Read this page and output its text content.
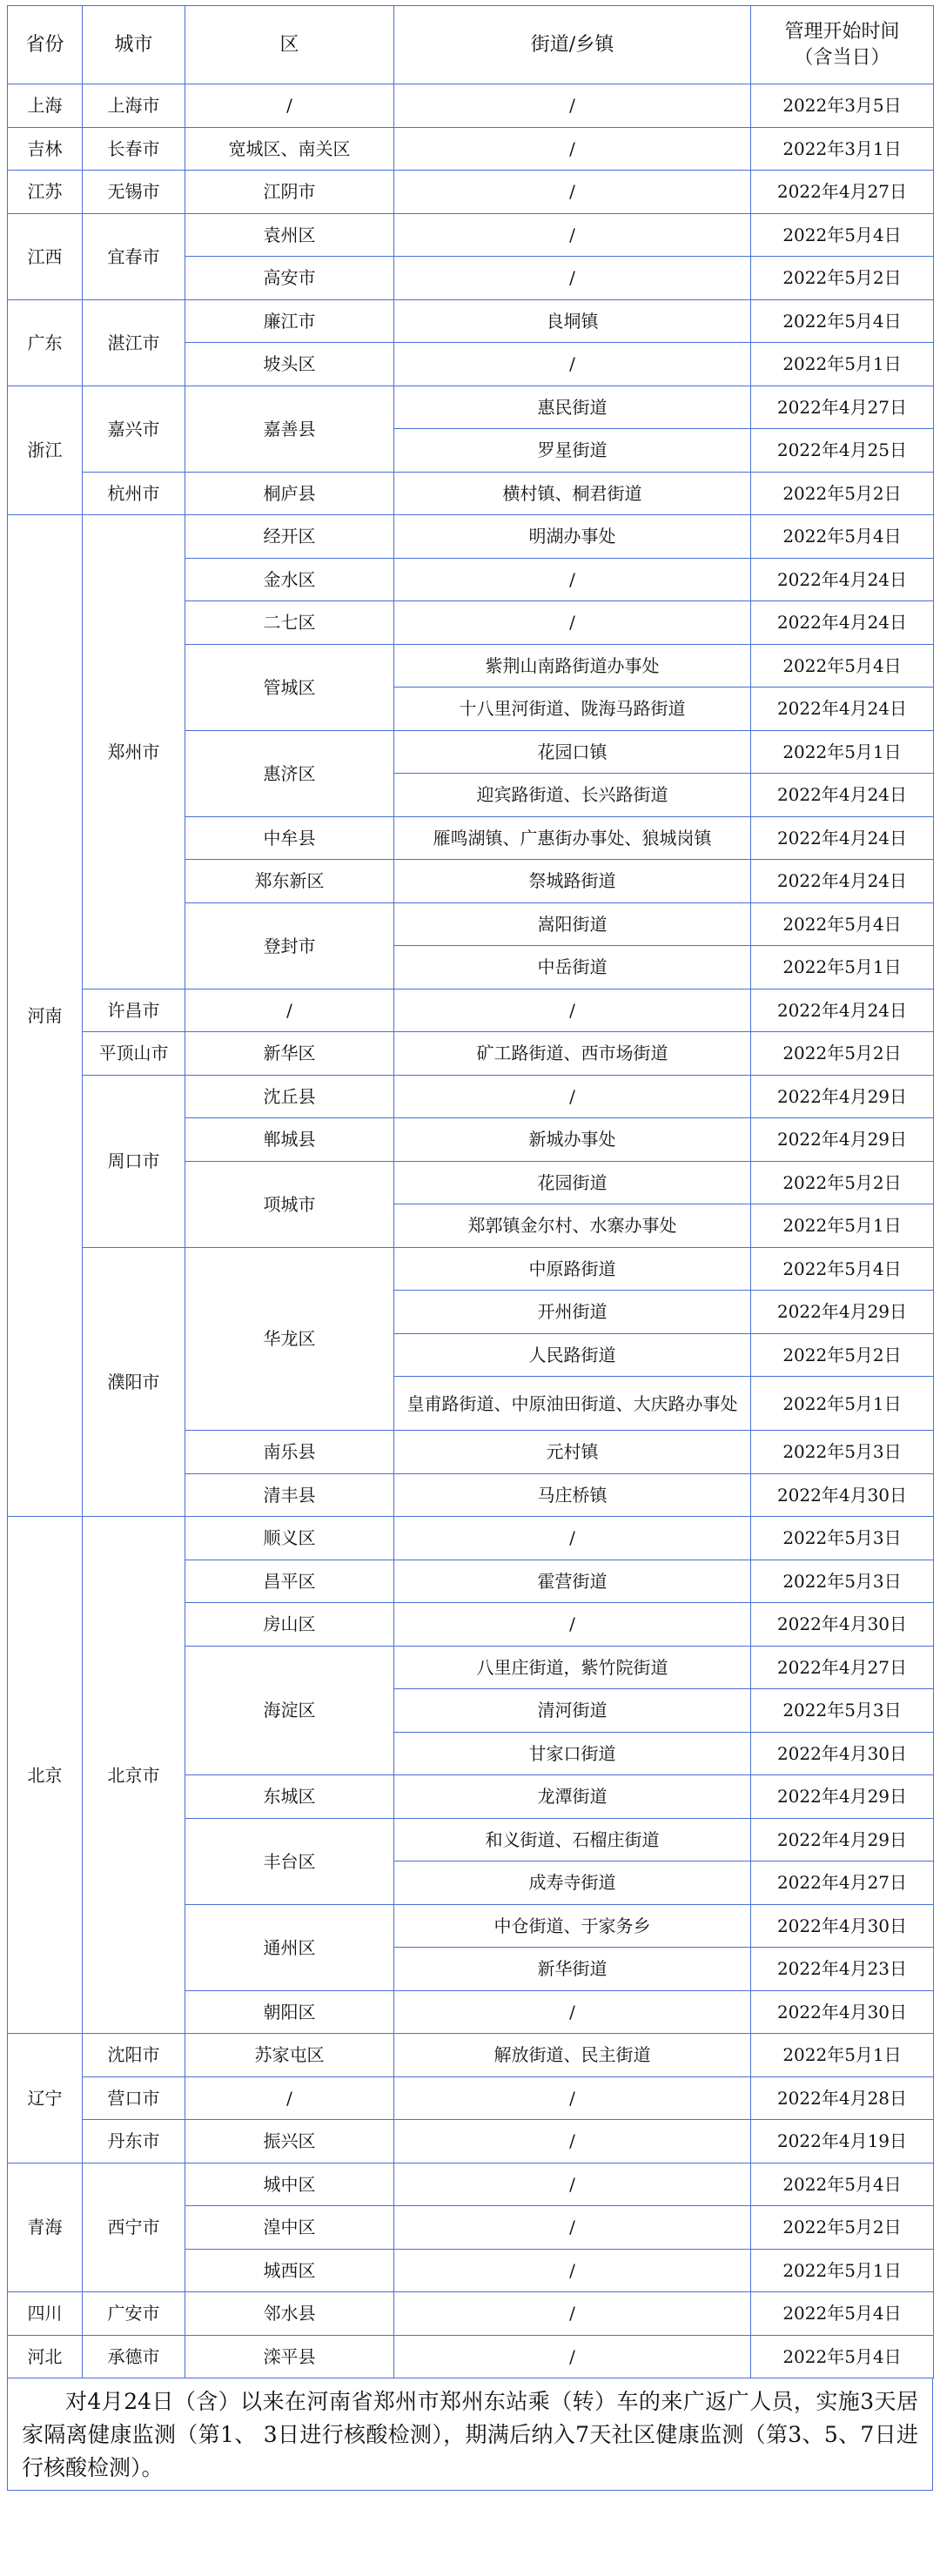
省份	城市	区	街道/乡镇	管理开始时间
（含当日）
上海	上海市	/	/	2022年3月5日
吉林	长春市	宽城区、南关区	/	2022年3月1日
江苏	无锡市	江阴市	/	2022年4月27日
江西	宜春市	袁州区	/	2022年5月4日
		高安市	/	2022年5月2日
广东	湛江市	廉江市	良垌镇	2022年5月4日
		坡头区	/	2022年5月1日
浙江	嘉兴市	嘉善县	惠民街道	2022年4月27日
			罗星街道	2022年4月25日
	杭州市	桐庐县	横村镇、桐君街道	2022年5月2日
河南	郑州市	经开区	明湖办事处	2022年5月4日
		金水区	/	2022年4月24日
		二七区	/	2022年4月24日
		管城区	紫荆山南路街道办事处	2022年5月4日
			十八里河街道、陇海马路街道	2022年4月24日
		惠济区	花园口镇	2022年5月1日
			迎宾路街道、长兴路街道	2022年4月24日
		中牟县	雁鸣湖镇、广惠街办事处、狼城岗镇	2022年4月24日
		郑东新区	祭城路街道	2022年4月24日
		登封市	嵩阳街道	2022年5月4日
			中岳街道	2022年5月1日
	许昌市	/	/	2022年4月24日
	平顶山市	新华区	矿工路街道、西市场街道	2022年5月2日
	周口市	沈丘县	/	2022年4月29日
		郸城县	新城办事处	2022年4月29日
		项城市	花园街道	2022年5月2日
			郑郭镇金尔村、水寨办事处	2022年5月1日
	濮阳市	华龙区	中原路街道	2022年5月4日
			开州街道	2022年4月29日
			人民路街道	2022年5月2日
			皇甫路街道、中原油田街道、大庆路办事处	2022年5月1日
		南乐县	元村镇	2022年5月3日
		清丰县	马庄桥镇	2022年4月30日
北京	北京市	顺义区	/	2022年5月3日
		昌平区	霍营街道	2022年5月3日
		房山区	/	2022年4月30日
		海淀区	八里庄街道，紫竹院街道	2022年4月27日
			清河街道	2022年5月3日
			甘家口街道	2022年4月30日
		东城区	龙潭街道	2022年4月29日
		丰台区	和义街道、石榴庄街道	2022年4月29日
			成寿寺街道	2022年4月27日
		通州区	中仓街道、于家务乡	2022年4月30日
			新华街道	2022年4月23日
		朝阳区	/	2022年4月30日
辽宁	沈阳市	苏家屯区	解放街道、民主街道	2022年5月1日
	营口市	/	/	2022年4月28日
	丹东市	振兴区	/	2022年4月19日
青海	西宁市	城中区	/	2022年5月4日
		湟中区	/	2022年5月2日
		城西区	/	2022年5月1日
四川	广安市	邻水县	/	2022年5月4日
河北	承德市	滦平县	/	2022年5月4日
对4月24日（含）以来在河南省郑州市郑州东站乘（转）车的来广返广人员，实施3天居家隔离健康监测（第1、 3日进行核酸检测），期满后纳入7天社区健康监测（第3、5、7日进行核酸检测）。
